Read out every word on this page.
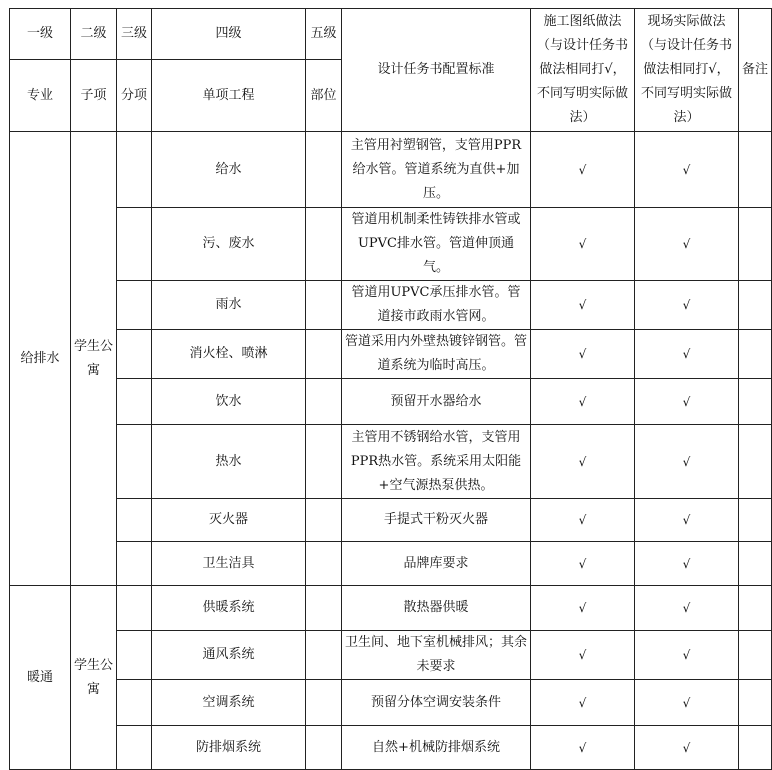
一级	二级	三级	四级	五级	设计任务书配置标准	施工图纸做法（与设计任务书做法相同打√，不同写明实际做法）	现场实际做法（与设计任务书做法相同打√，不同写明实际做法）	备注
专业	子项	分项	单项工程	部位				
给排水	学生公寓		给水		主管用衬塑钢管，支管用PPR给水管。管道系统为直供+加压。	√	√	
			污、废水		管道用机制柔性铸铁排水管或UPVC排水管。管道伸顶通气。	√	√	
			雨水		管道用UPVC承压排水管。管道接市政雨水管网。	√	√	
			消火栓、喷淋		管道采用内外壁热镀锌钢管。管道系统为临时高压。	√	√	
			饮水		预留开水器给水	√	√	
			热水		主管用不锈钢给水管，支管用PPR热水管。系统采用太阳能+空气源热泵供热。	√	√	
			灭火器		手提式干粉灭火器	√	√	
			卫生洁具		品牌库要求	√	√	
暖通	学生公寓		供暖系统		散热器供暖	√	√	
			通风系统		卫生间、地下室机械排风；其余未要求	√	√	
			空调系统		预留分体空调安装条件	√	√	
			防排烟系统		自然+机械防排烟系统	√	√	
